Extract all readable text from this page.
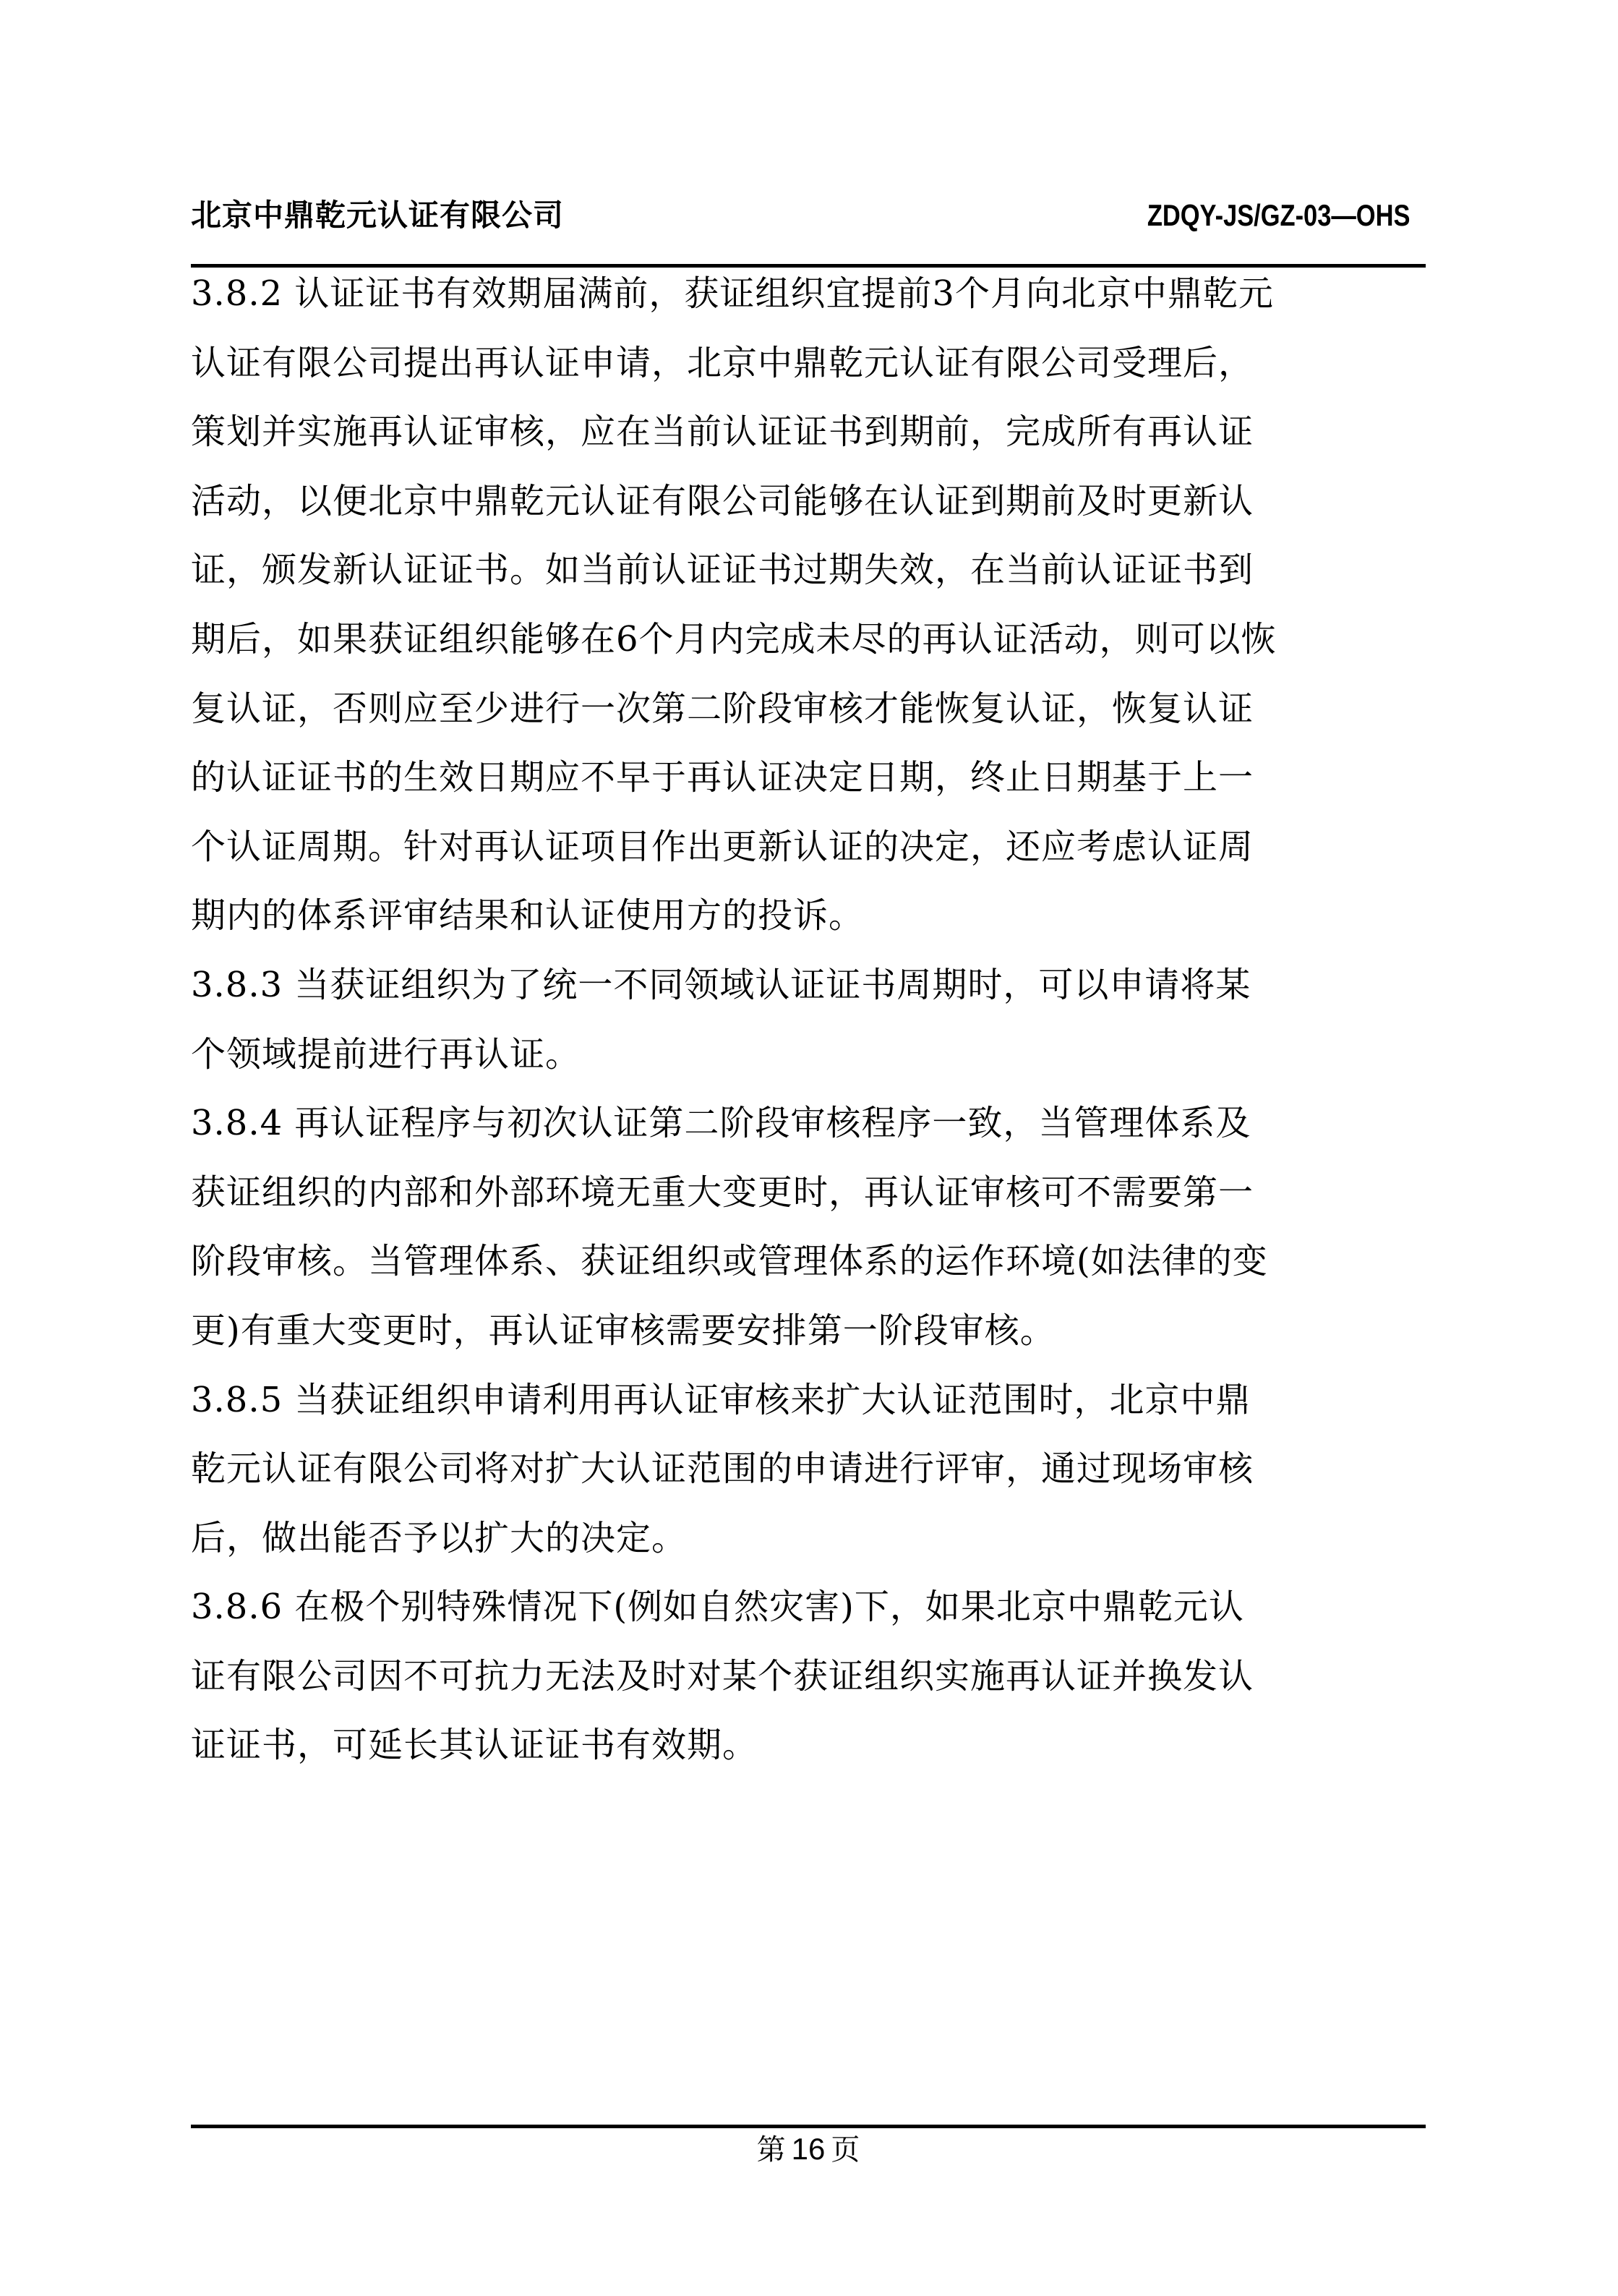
北京中鼎乾元认证有限公司	ZDQY-JS/GZ-03—OHS
3.8.2 认证证书有效期届满前，获证组织宜提前3个月向北京中鼎乾元
认证有限公司提出再认证申请，北京中鼎乾元认证有限公司受理后，
策划并实施再认证审核，应在当前认证证书到期前，完成所有再认证
活动，以便北京中鼎乾元认证有限公司能够在认证到期前及时更新认
证，颁发新认证证书。如当前认证证书过期失效，在当前认证证书到
期后，如果获证组织能够在6个月内完成未尽的再认证活动，则可以恢
复认证，否则应至少进行一次第二阶段审核才能恢复认证，恢复认证
的认证证书的生效日期应不早于再认证决定日期，终止日期基于上一
个认证周期。针对再认证项目作出更新认证的决定，还应考虑认证周
期内的体系评审结果和认证使用方的投诉。
3.8.3 当获证组织为了统一不同领域认证证书周期时，可以申请将某
个领域提前进行再认证。
3.8.4 再认证程序与初次认证第二阶段审核程序一致，当管理体系及
获证组织的内部和外部环境无重大变更时，再认证审核可不需要第一
阶段审核。当管理体系、获证组织或管理体系的运作环境(如法律的变
更)有重大变更时，再认证审核需要安排第一阶段审核。
3.8.5 当获证组织申请利用再认证审核来扩大认证范围时，北京中鼎
乾元认证有限公司将对扩大认证范围的申请进行评审，通过现场审核
后，做出能否予以扩大的决定。
3.8.6 在极个别特殊情况下(例如自然灾害)下，如果北京中鼎乾元认
证有限公司因不可抗力无法及时对某个获证组织实施再认证并换发认
证证书，可延长其认证证书有效期。
第 16 页
